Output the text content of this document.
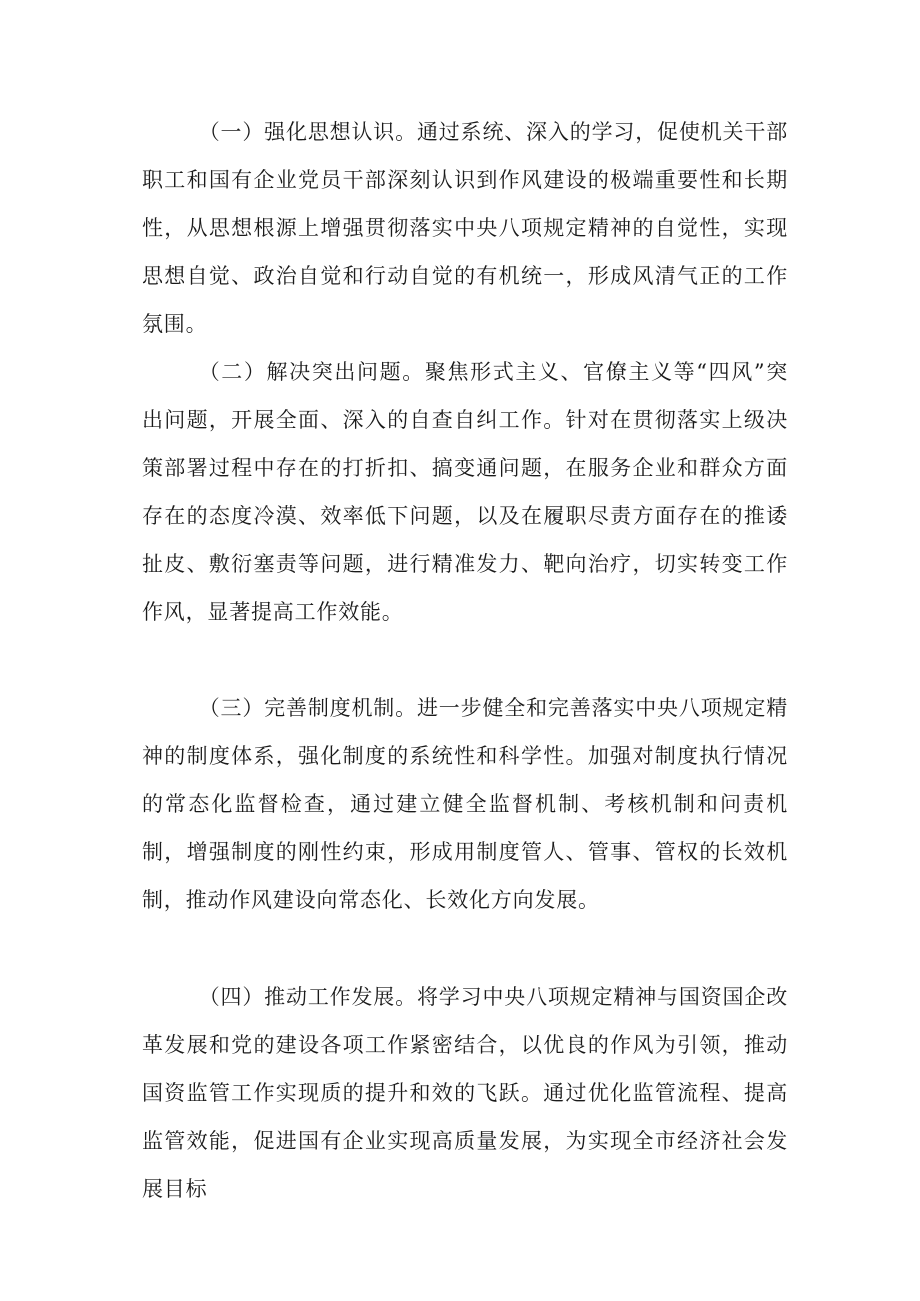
（一）强化思想认识。通过系统、深入的学习，促使机关干部职工和国有企业党员干部深刻认识到作风建设的极端重要性和长期性，从思想根源上增强贯彻落实中央八项规定精神的自觉性，实现思想自觉、政治自觉和行动自觉的有机统一，形成风清气正的工作氛围。

（二）解决突出问题。聚焦形式主义、官僚主义等“四风”突出问题，开展全面、深入的自查自纠工作。针对在贯彻落实上级决策部署过程中存在的打折扣、搞变通问题，在服务企业和群众方面存在的态度冷漠、效率低下问题，以及在履职尽责方面存在的推诿扯皮、敷衍塞责等问题，进行精准发力、靶向治疗，切实转变工作作风，显著提高工作效能。

（三）完善制度机制。进一步健全和完善落实中央八项规定精神的制度体系，强化制度的系统性和科学性。加强对制度执行情况的常态化监督检查，通过建立健全监督机制、考核机制和问责机制，增强制度的刚性约束，形成用制度管人、管事、管权的长效机制，推动作风建设向常态化、长效化方向发展。

（四）推动工作发展。将学习中央八项规定精神与国资国企改革发展和党的建设各项工作紧密结合，以优良的作风为引领，推动国资监管工作实现质的提升和效的飞跃。通过优化监管流程、提高监管效能，促进国有企业实现高质量发展，为实现全市经济社会发展目标
